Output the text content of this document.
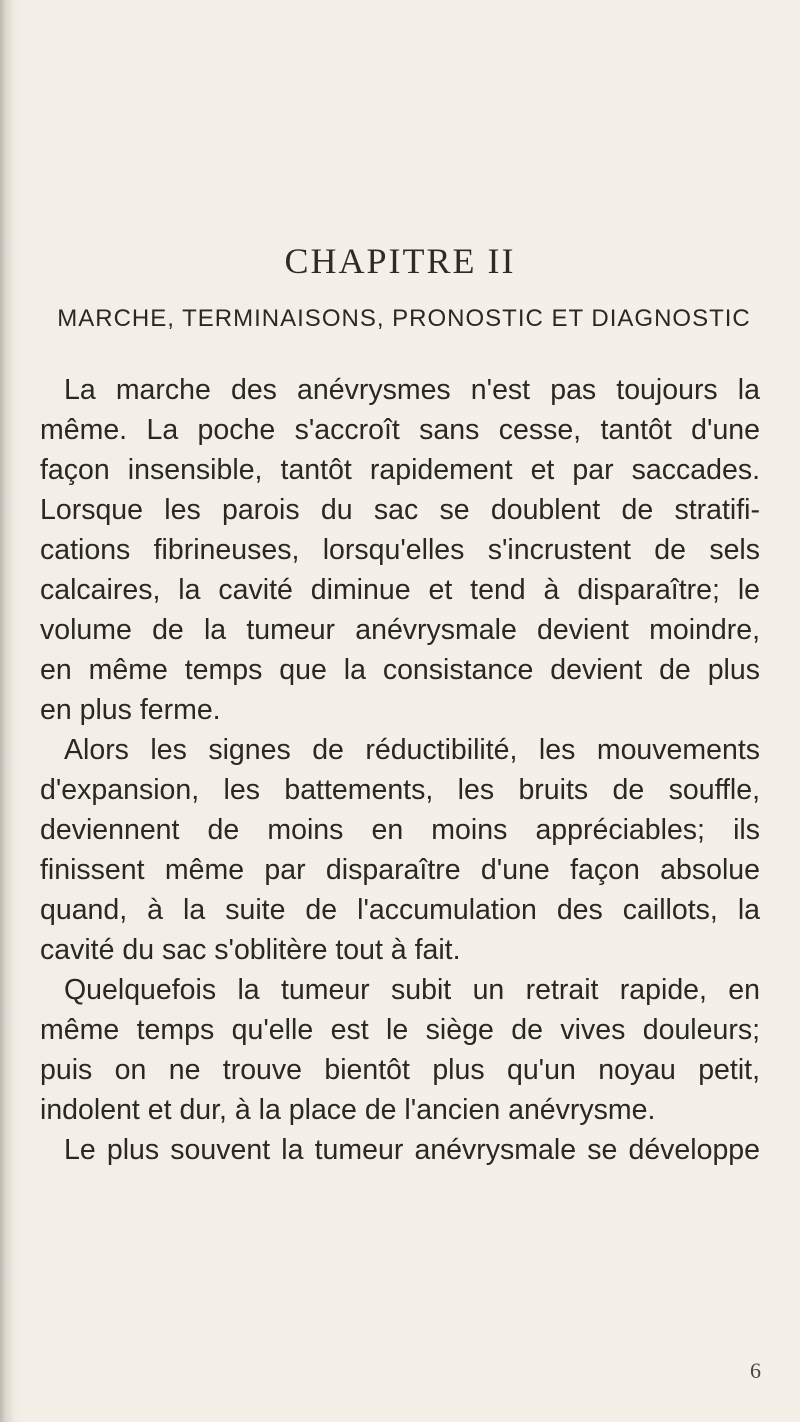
CHAPITRE II
MARCHE, TERMINAISONS, PRONOSTIC ET DIAGNOSTIC
La marche des anévrysmes n'est pas toujours la
même. La poche s'accroît sans cesse, tantôt d'une
façon insensible, tantôt rapidement et par saccades.
Lorsque les parois du sac se doublent de stratifi-
cations fibrineuses, lorsqu'elles s'incrustent de sels
calcaires, la cavité diminue et tend à disparaître; le
volume de la tumeur anévrysmale devient moindre,
en même temps que la consistance devient de plus
en plus ferme.
Alors les signes de réductibilité, les mouvements
d'expansion, les battements, les bruits de souffle,
deviennent de moins en moins appréciables; ils
finissent même par disparaître d'une façon absolue
quand, à la suite de l'accumulation des caillots, la
cavité du sac s'oblitère tout à fait.
Quelquefois la tumeur subit un retrait rapide, en
même temps qu'elle est le siège de vives douleurs;
puis on ne trouve bientôt plus qu'un noyau petit,
indolent et dur, à la place de l'ancien anévrysme.
Le plus souvent la tumeur anévrysmale se développe
6
